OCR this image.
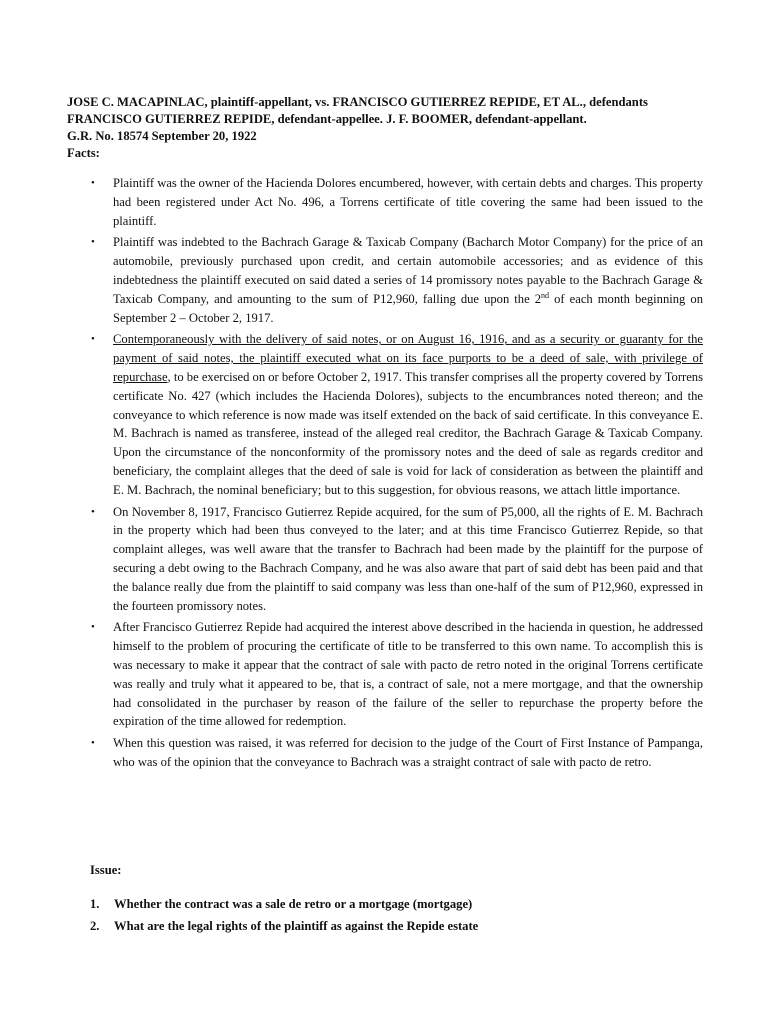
JOSE C. MACAPINLAC, plaintiff-appellant, vs. FRANCISCO GUTIERREZ REPIDE, ET AL., defendants FRANCISCO GUTIERREZ REPIDE, defendant-appellee. J. F. BOOMER, defendant-appellant.
G.R. No. 18574 September 20, 1922
Facts:
• Plaintiff was the owner of the Hacienda Dolores encumbered, however, with certain debts and charges. This property had been registered under Act No. 496, a Torrens certificate of title covering the same had been issued to the plaintiff.
• Plaintiff was indebted to the Bachrach Garage & Taxicab Company (Bacharch Motor Company) for the price of an automobile, previously purchased upon credit, and certain automobile accessories; and as evidence of this indebtedness the plaintiff executed on said dated a series of 14 promissory notes payable to the Bachrach Garage & Taxicab Company, and amounting to the sum of P12,960, falling due upon the 2nd of each month beginning on September 2 – October 2, 1917.
• Contemporaneously with the delivery of said notes, or on August 16, 1916, and as a security or guaranty for the payment of said notes, the plaintiff executed what on its face purports to be a deed of sale, with privilege of repurchase, to be exercised on or before October 2, 1917. This transfer comprises all the property covered by Torrens certificate No. 427 (which includes the Hacienda Dolores), subjects to the encumbrances noted thereon; and the conveyance to which reference is now made was itself extended on the back of said certificate. In this conveyance E. M. Bachrach is named as transferee, instead of the alleged real creditor, the Bachrach Garage & Taxicab Company. Upon the circumstance of the nonconformity of the promissory notes and the deed of sale as regards creditor and beneficiary, the complaint alleges that the deed of sale is void for lack of consideration as between the plaintiff and E. M. Bachrach, the nominal beneficiary; but to this suggestion, for obvious reasons, we attach little importance.
• On November 8, 1917, Francisco Gutierrez Repide acquired, for the sum of P5,000, all the rights of E. M. Bachrach in the property which had been thus conveyed to the later; and at this time Francisco Gutierrez Repide, so that complaint alleges, was well aware that the transfer to Bachrach had been made by the plaintiff for the purpose of securing a debt owing to the Bachrach Company, and he was also aware that part of said debt has been paid and that the balance really due from the plaintiff to said company was less than one-half of the sum of P12,960, expressed in the fourteen promissory notes.
• After Francisco Gutierrez Repide had acquired the interest above described in the hacienda in question, he addressed himself to the problem of procuring the certificate of title to be transferred to this own name. To accomplish this is was necessary to make it appear that the contract of sale with pacto de retro noted in the original Torrens certificate was really and truly what it appeared to be, that is, a contract of sale, not a mere mortgage, and that the ownership had consolidated in the purchaser by reason of the failure of the seller to repurchase the property before the expiration of the time allowed for redemption.
• When this question was raised, it was referred for decision to the judge of the Court of First Instance of Pampanga, who was of the opinion that the conveyance to Bachrach was a straight contract of sale with pacto de retro.
Issue:
1. Whether the contract was a sale de retro or a mortgage (mortgage)
2. What are the legal rights of the plaintiff as against the Repide estate
